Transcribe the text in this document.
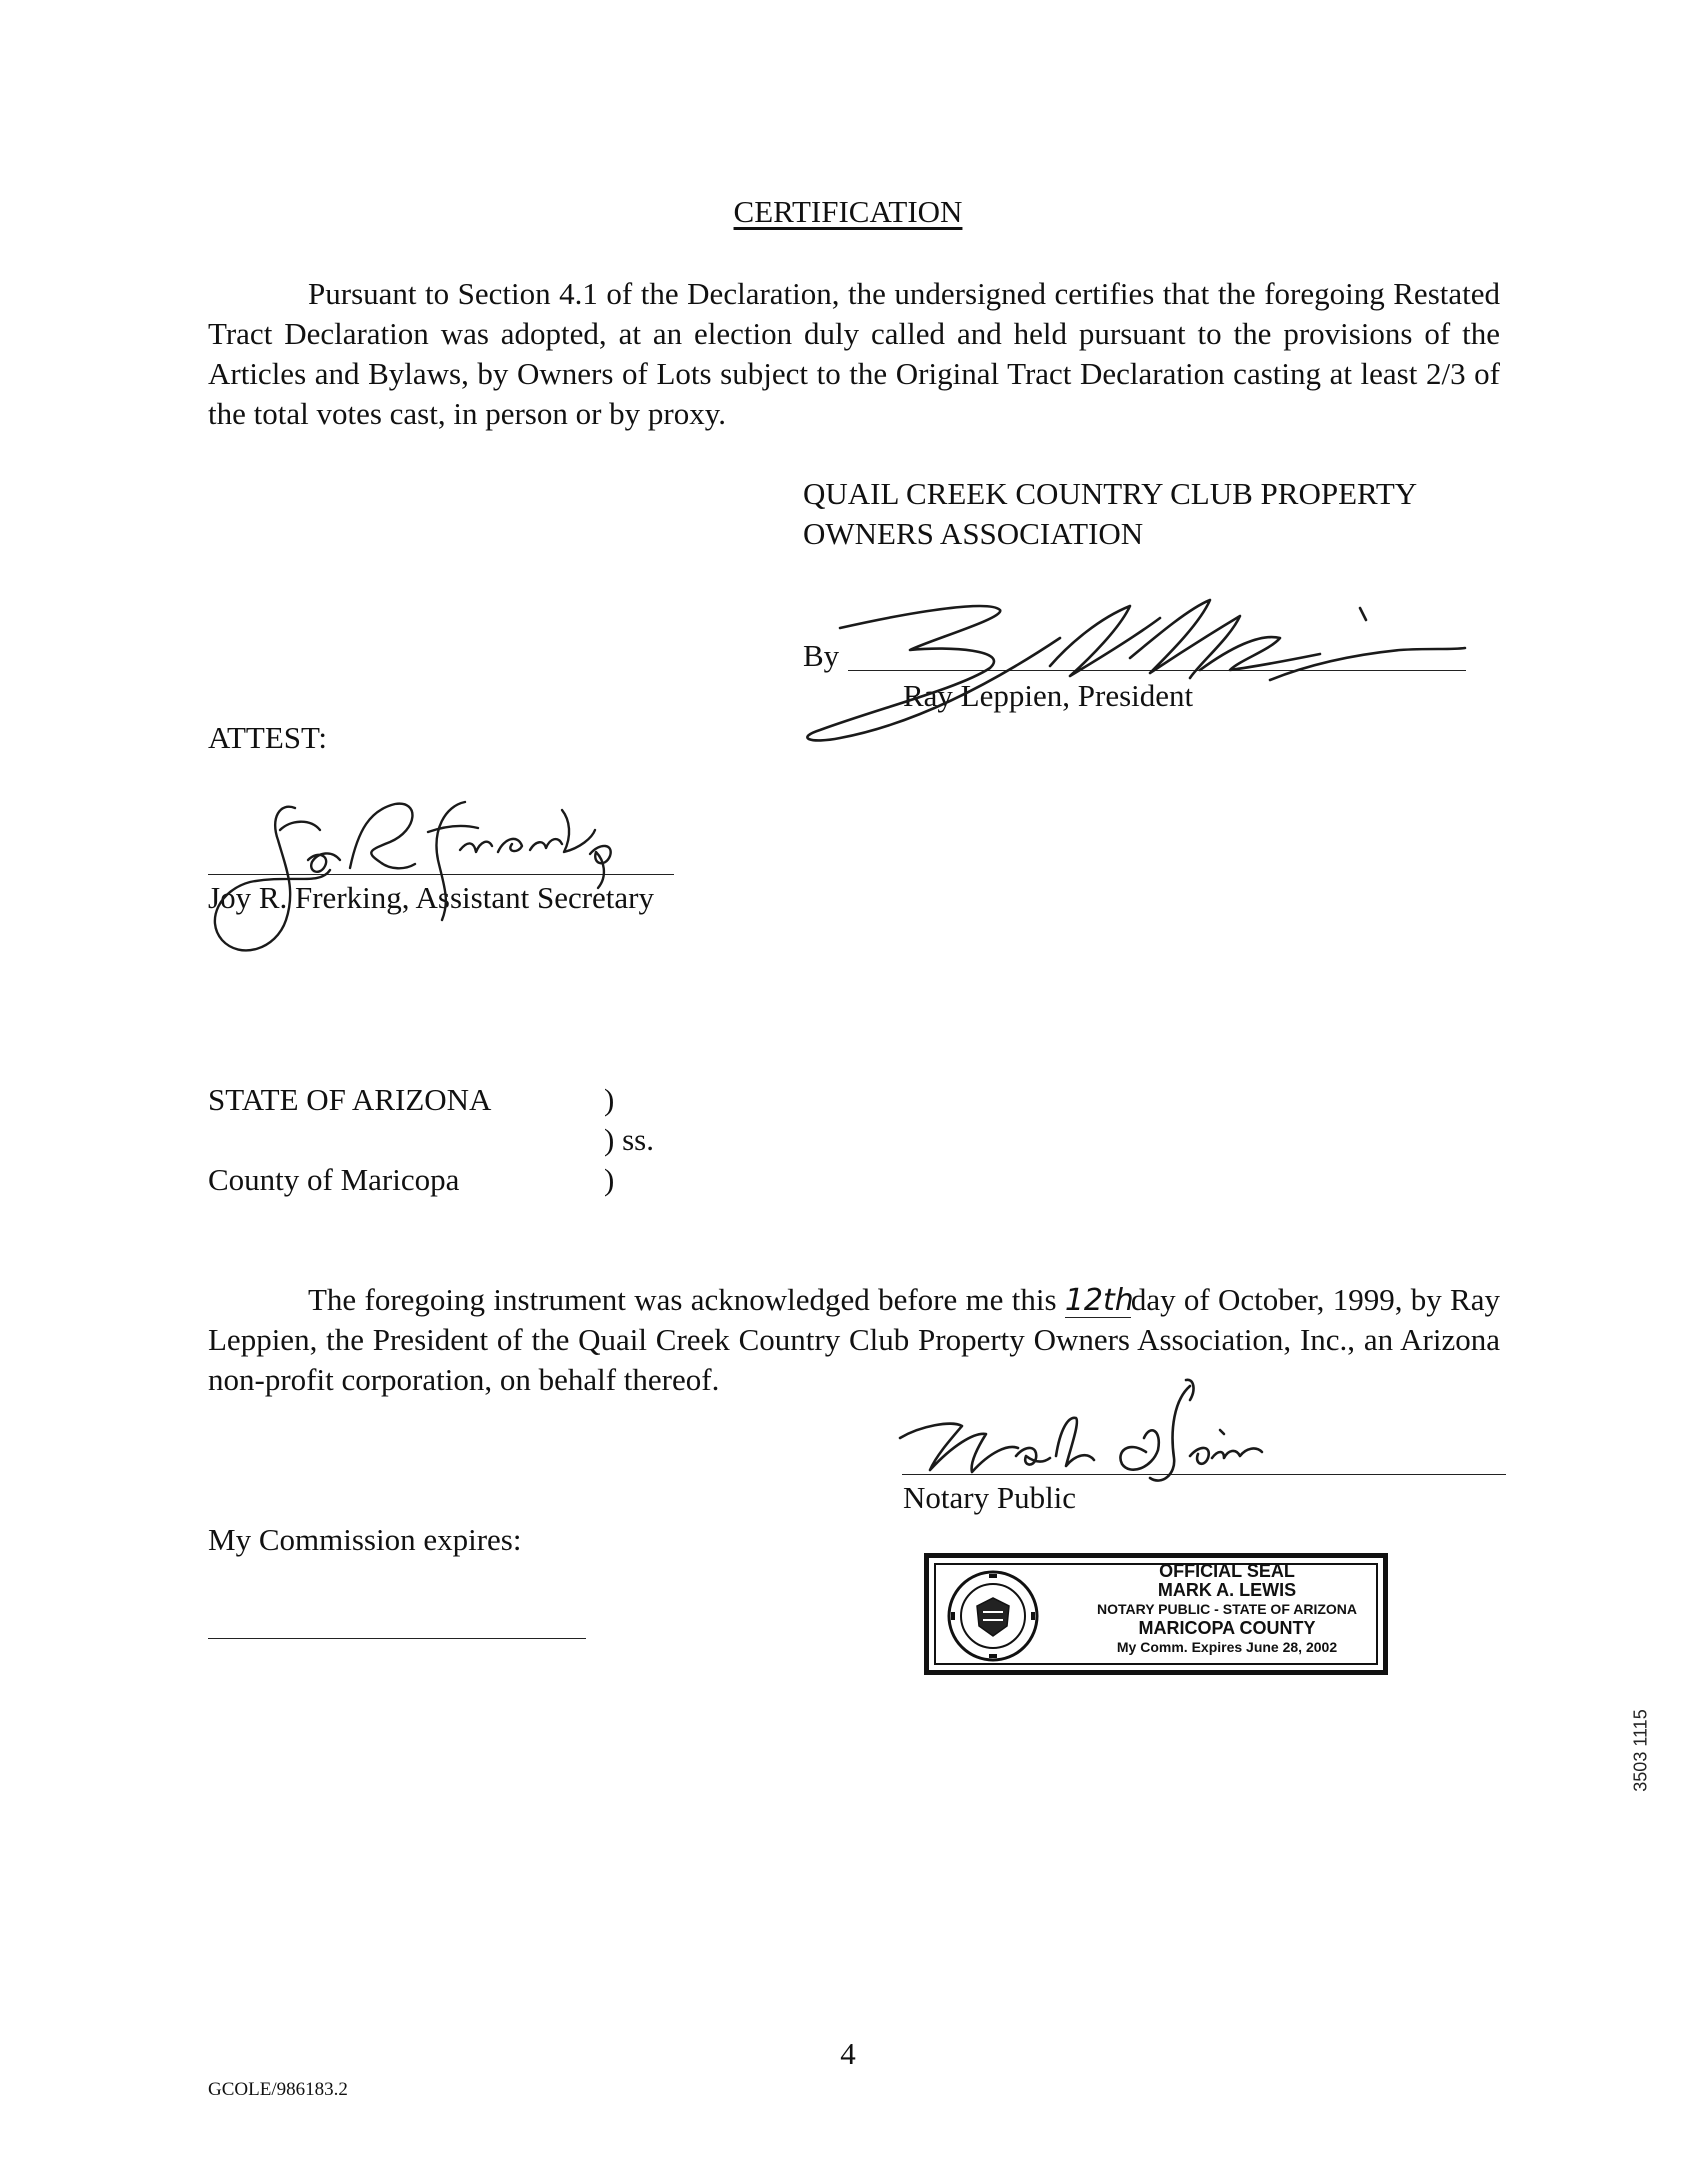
CERTIFICATION

Pursuant to Section 4.1 of the Declaration, the undersigned certifies that the foregoing Restated Tract Declaration was adopted, at an election duly called and held pursuant to the provisions of the Articles and Bylaws, by Owners of Lots subject to the Original Tract Declaration casting at least 2/3 of the total votes cast, in person or by proxy.

QUAIL CREEK COUNTRY CLUB PROPERTY
OWNERS ASSOCIATION
By
Ray Leppien, President
ATTEST:
Joy R. Frerking, Assistant Secretary
STATE OF ARIZONA	)
) ss.
County of Maricopa	)

The foregoing instrument was acknowledged before me this 12thday of October, 1999, by Ray Leppien, the President of the Quail Creek Country Club Property Owners Association, Inc., an Arizona non-profit corporation, on behalf thereof.

Notary Public
My Commission expires:
OFFICIAL SEAL
MARK A. LEWIS
NOTARY PUBLIC - STATE OF ARIZONA
MARICOPA COUNTY
My Comm. Expires June 28, 2002
3503 1115
4
GCOLE/986183.2
